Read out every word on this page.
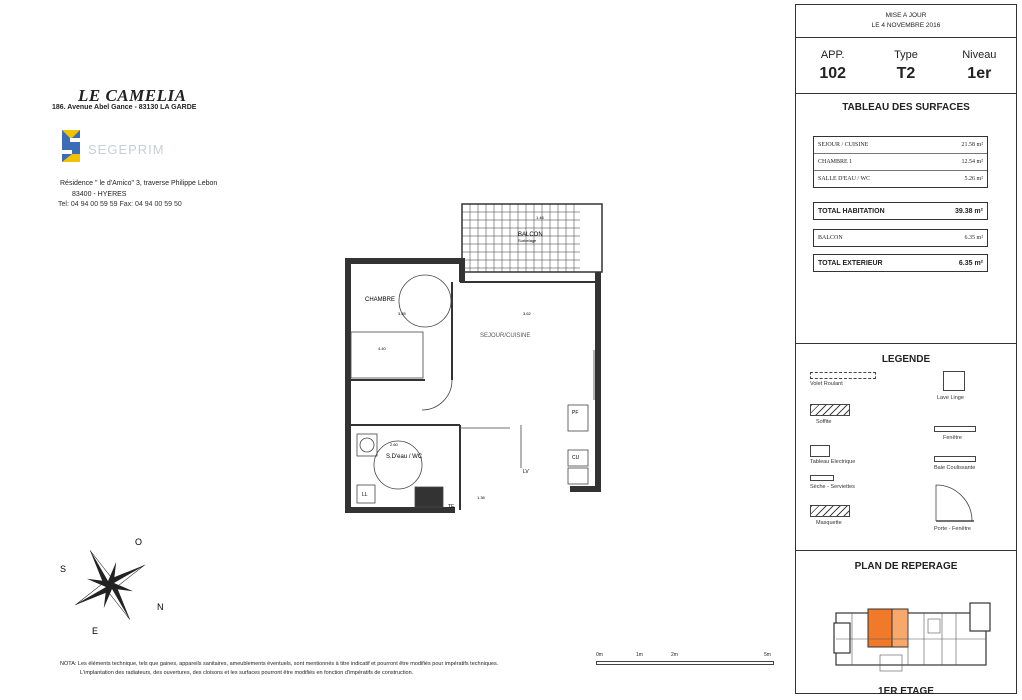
LE CAMELIA
186. Avenue Abel Gance - 83130 LA GARDE
SEGEPRIM
Résidence " le d'Amico" 3, traverse Philippe Lebon
83400 - HYERES
Tel: 04 94 00 59 59 Fax: 04 94 00 59 50
CHAMBRE
SEJOUR/CUISINE
S.D'eau / WC
BALCON
Surbelage
PF
CU
LV
LL
TE
3.55
2.60
4.40
1.36
3.62
1.46
O
S
E
N
NOTA: Les éléments technique, tels que gaines, appareils sanitaires, ameublements éventuels, sont mentionnés à titre indicatif et pourront être modifiés pour impératifs techniques.
L'implantation des radiateurs, des ouvertures, des cloisons et les surfaces pourront être modifiés en fonction d'impératifs de construction.
0m	1m	2m	5m
MISE A JOUR
LE 4 NOVEMBRE 2016
APP.
102
Type
T2
Niveau
1er
TABLEAU DES SURFACES
SEJOUR / CUISINE	21.58 m²
CHAMBRE 1	12.54 m²
SALLE D'EAU / WC	5.26 m²
TOTAL HABITATION	39.38 m²
BALCON	6.35 m²
TOTAL EXTERIEUR	6.35 m²
LEGENDE
Volet Roulant
Lave Linge
Soffite
Fenêtre
Tableau Electrique
Baie Coulissante
Sèche - Serviettes
Masquette
Porte - Fenêtre
PLAN DE REPERAGE
1ER ETAGE
